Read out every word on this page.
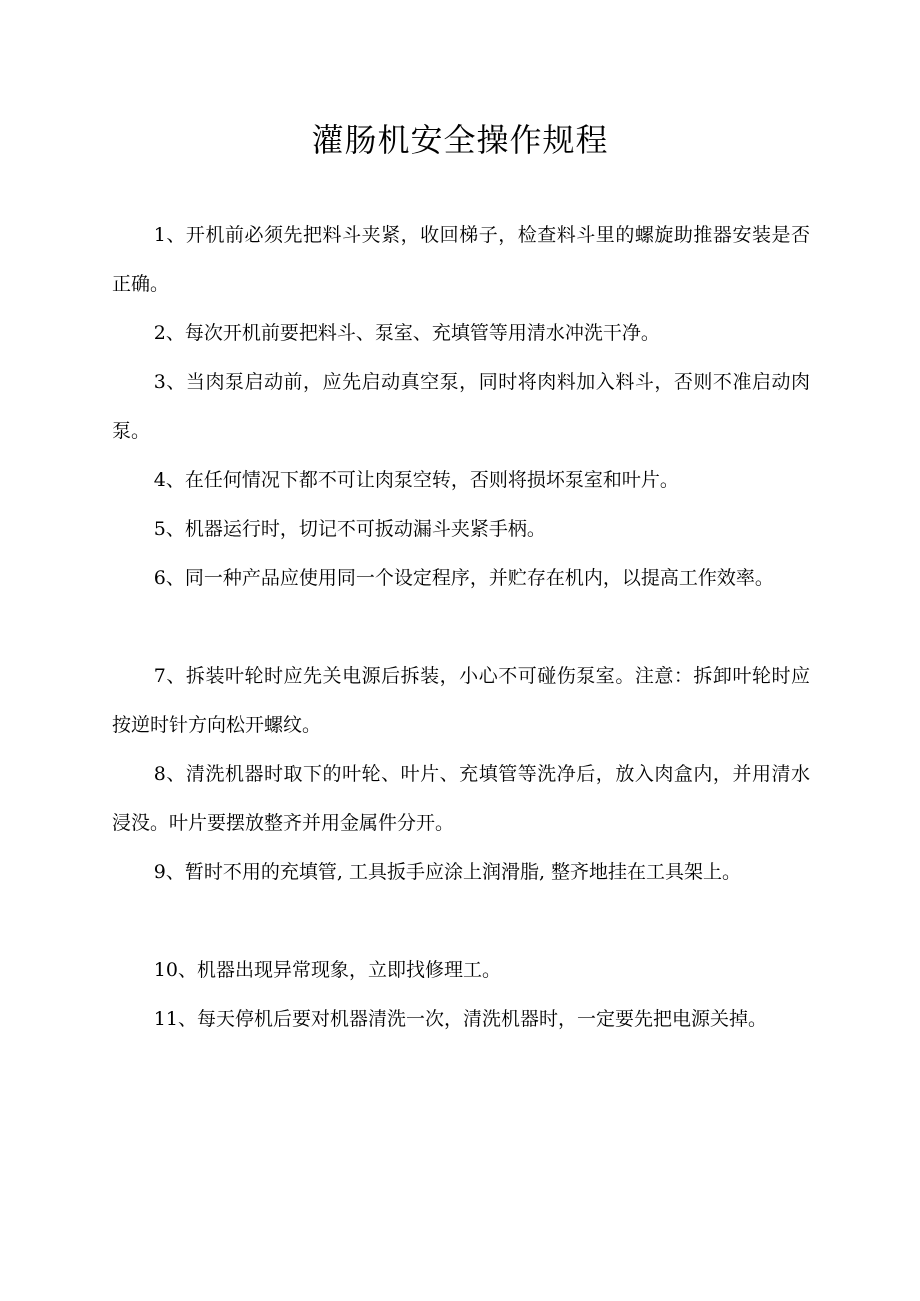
灌肠机安全操作规程

1、开机前必须先把料斗夹紧，收回梯子，检查料斗里的螺旋助推器安装是否正确。

2、每次开机前要把料斗、泵室、充填管等用清水冲洗干净。

3、当肉泵启动前，应先启动真空泵，同时将肉料加入料斗，否则不准启动肉泵。

4、在任何情况下都不可让肉泵空转，否则将损坏泵室和叶片。

5、机器运行时，切记不可扳动漏斗夹紧手柄。

6、同一种产品应使用同一个设定程序，并贮存在机内，以提高工作效率。

7、拆装叶轮时应先关电源后拆装，小心不可碰伤泵室。注意：拆卸叶轮时应按逆时针方向松开螺纹。

8、清洗机器时取下的叶轮、叶片、充填管等洗净后，放入肉盒内，并用清水浸没。叶片要摆放整齐并用金属件分开。

9、暂时不用的充填管, 工具扳手应涂上润滑脂, 整齐地挂在工具架上。

10、机器出现异常现象，立即找修理工。

11、每天停机后要对机器清洗一次，清洗机器时，一定要先把电源关掉。
